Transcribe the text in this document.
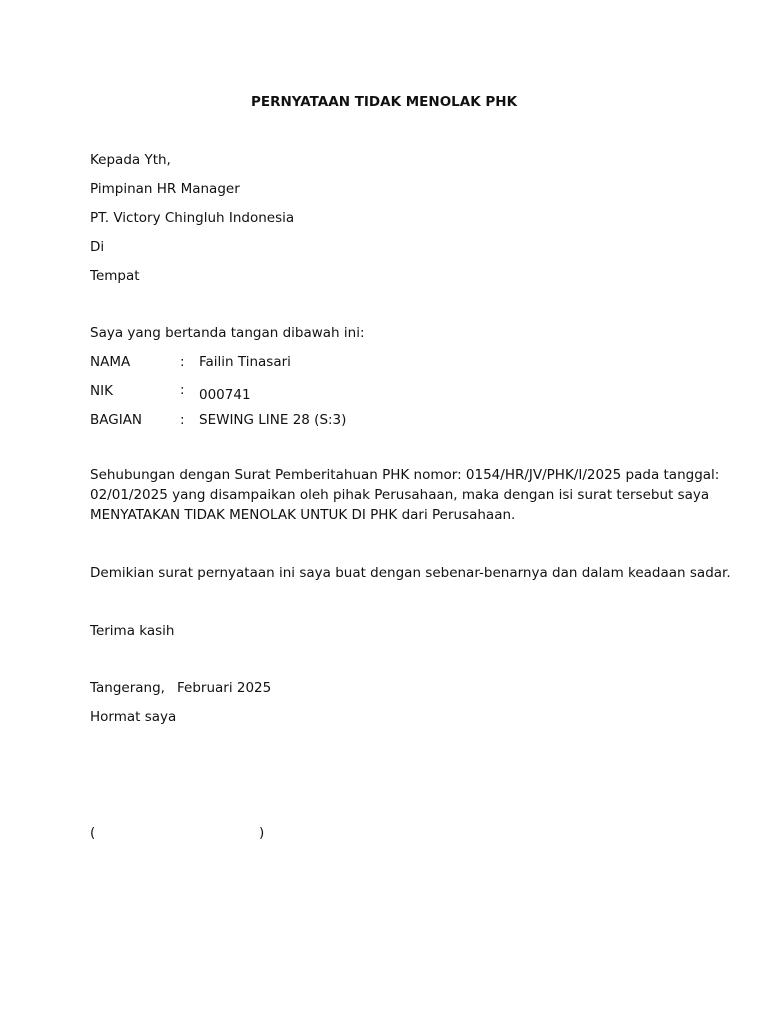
PERNYATAAN TIDAK MENOLAK PHK
Kepada Yth,
Pimpinan HR Manager
PT. Victory Chingluh Indonesia
Di
Tempat
Saya yang bertanda tangan dibawah ini:
NAMA	: Failin Tinasari
NIK	: 000741
BAGIAN	: SEWING LINE 28 (S:3)
Sehubungan dengan Surat Pemberitahuan PHK nomor: 0154/HR/JV/PHK/I/2025 pada tanggal:
02/01/2025 yang disampaikan oleh pihak Perusahaan, maka dengan isi surat tersebut saya
MENYATAKAN TIDAK MENOLAK UNTUK DI PHK dari Perusahaan.
Demikian surat pernyataan ini saya buat dengan sebenar-benarnya dan dalam keadaan sadar.
Terima kasih
Tangerang, Februari 2025
Hormat saya
(	)
